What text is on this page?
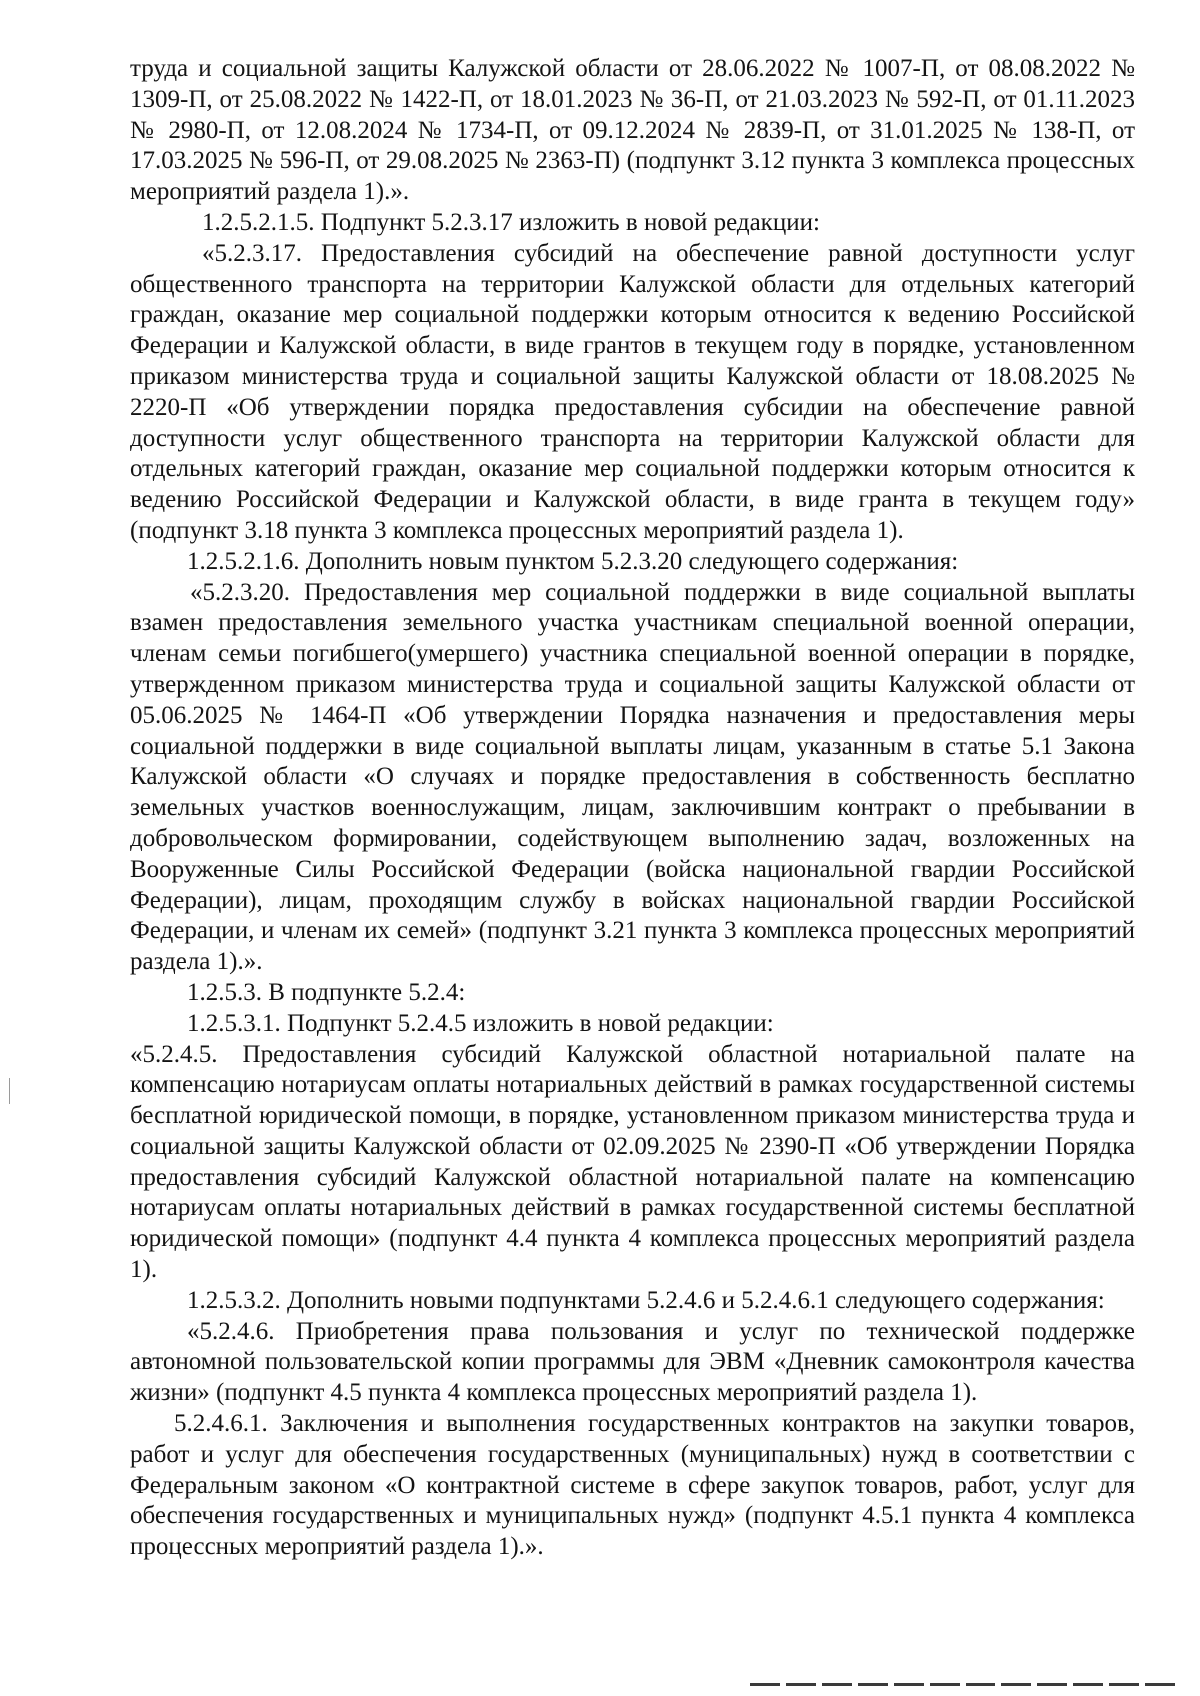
труда и социальной защиты Калужской области от 28.06.2022 № 1007-П, от 08.08.2022 № 1309-П, от 25.08.2022 № 1422-П, от 18.01.2023 № 36-П, от 21.03.2023 № 592-П, от 01.11.2023 № 2980-П, от 12.08.2024 № 1734-П, от 09.12.2024 № 2839-П, от 31.01.2025 № 138-П, от 17.03.2025 № 596-П, от 29.08.2025 № 2363-П) (подпункт 3.12 пункта 3 комплекса процессных мероприятий раздела 1).».

1.2.5.2.1.5. Подпункт 5.2.3.17 изложить в новой редакции:

«5.2.3.17. Предоставления субсидий на обеспечение равной доступности услуг общественного транспорта на территории Калужской области для отдельных категорий граждан, оказание мер социальной поддержки которым относится к ведению Российской Федерации и Калужской области, в виде грантов в текущем году в порядке, установленном приказом министерства труда и социальной защиты Калужской области от 18.08.2025 № 2220-П «Об утверждении порядка предоставления субсидии на обеспечение равной доступности услуг общественного транспорта на территории Калужской области для отдельных категорий граждан, оказание мер социальной поддержки которым относится к ведению Российской Федерации и Калужской области, в виде гранта в текущем году» (подпункт 3.18 пункта 3 комплекса процессных мероприятий раздела 1).

1.2.5.2.1.6. Дополнить новым пунктом 5.2.3.20 следующего содержания:

«5.2.3.20. Предоставления мер социальной поддержки в виде социальной выплаты взамен предоставления земельного участка участникам специальной военной операции, членам семьи погибшего(умершего) участника специальной военной операции в порядке, утвержденном приказом министерства труда и социальной защиты Калужской области от 05.06.2025 № 1464-П «Об утверждении Порядка назначения и предоставления меры социальной поддержки в виде социальной выплаты лицам, указанным в статье 5.1 Закона Калужской области «О случаях и порядке предоставления в собственность бесплатно земельных участков военнослужащим, лицам, заключившим контракт о пребывании в добровольческом формировании, содействующем выполнению задач, возложенных на Вооруженные Силы Российской Федерации (войска национальной гвардии Российской Федерации), лицам, проходящим службу в войсках национальной гвардии Российской Федерации, и членам их семей» (подпункт 3.21 пункта 3 комплекса процессных мероприятий раздела 1).».

1.2.5.3. В подпункте 5.2.4:

1.2.5.3.1. Подпункт 5.2.4.5 изложить в новой редакции:

«5.2.4.5. Предоставления субсидий Калужской областной нотариальной палате на компенсацию нотариусам оплаты нотариальных действий в рамках государственной системы бесплатной юридической помощи, в порядке, установленном приказом министерства труда и социальной защиты Калужской области от 02.09.2025 № 2390-П «Об утверждении Порядка предоставления субсидий Калужской областной нотариальной палате на компенсацию нотариусам оплаты нотариальных действий в рамках государственной системы бесплатной юридической помощи» (подпункт 4.4 пункта 4 комплекса процессных мероприятий раздела 1).

1.2.5.3.2. Дополнить новыми подпунктами 5.2.4.6 и 5.2.4.6.1 следующего содержания:

«5.2.4.6. Приобретения права пользования и услуг по технической поддержке автономной пользовательской копии программы для ЭВМ «Дневник самоконтроля качества жизни» (подпункт 4.5 пункта 4 комплекса процессных мероприятий раздела 1).

5.2.4.6.1. Заключения и выполнения государственных контрактов на закупки товаров, работ и услуг для обеспечения государственных (муниципальных) нужд в соответствии с Федеральным законом «О контрактной системе в сфере закупок товаров, работ, услуг для обеспечения государственных и муниципальных нужд» (подпункт 4.5.1 пункта 4 комплекса процессных мероприятий раздела 1).».
